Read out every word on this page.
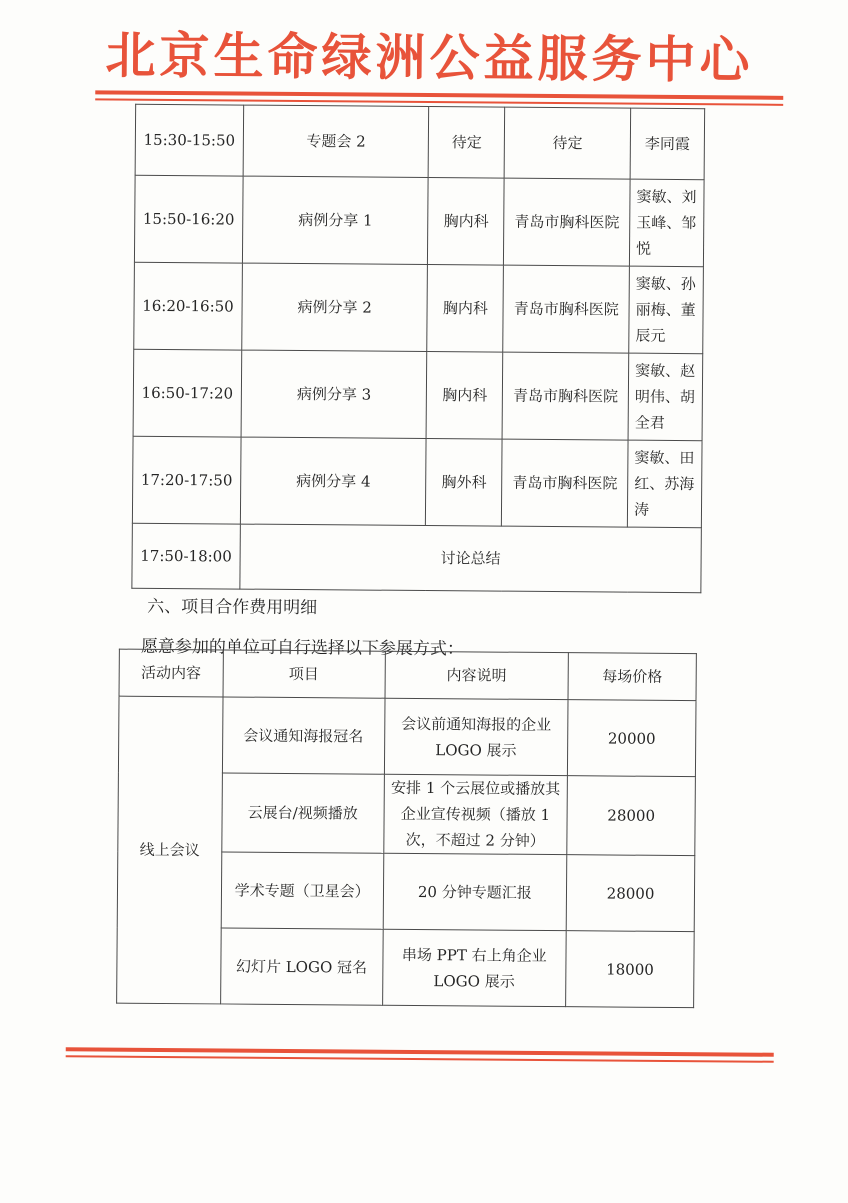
北京生命绿洲公益服务中心
15:30-15:50	专题会 2	待定	待定	李同霞
15:50-16:20	病例分享 1	胸内科	青岛市胸科医院	窦敏、刘玉峰、邹悦
16:20-16:50	病例分享 2	胸内科	青岛市胸科医院	窦敏、孙丽梅、董辰元
16:50-17:20	病例分享 3	胸内科	青岛市胸科医院	窦敏、赵明伟、胡全君
17:20-17:50	病例分享 4	胸外科	青岛市胸科医院	窦敏、田红、苏海涛
17:50-18:00	讨论总结			
六、项目合作费用明细
愿意参加的单位可自行选择以下参展方式：
活动内容	项目	内容说明	每场价格
线上会议	会议通知海报冠名	会议前通知海报的企业 LOGO 展示	20000
	云展台/视频播放	安排 1 个云展位或播放其企业宣传视频（播放 1 次，不超过 2 分钟）	28000
	学术专题（卫星会）	20 分钟专题汇报	28000
	幻灯片 LOGO 冠名	串场 PPT 右上角企业 LOGO 展示	18000
